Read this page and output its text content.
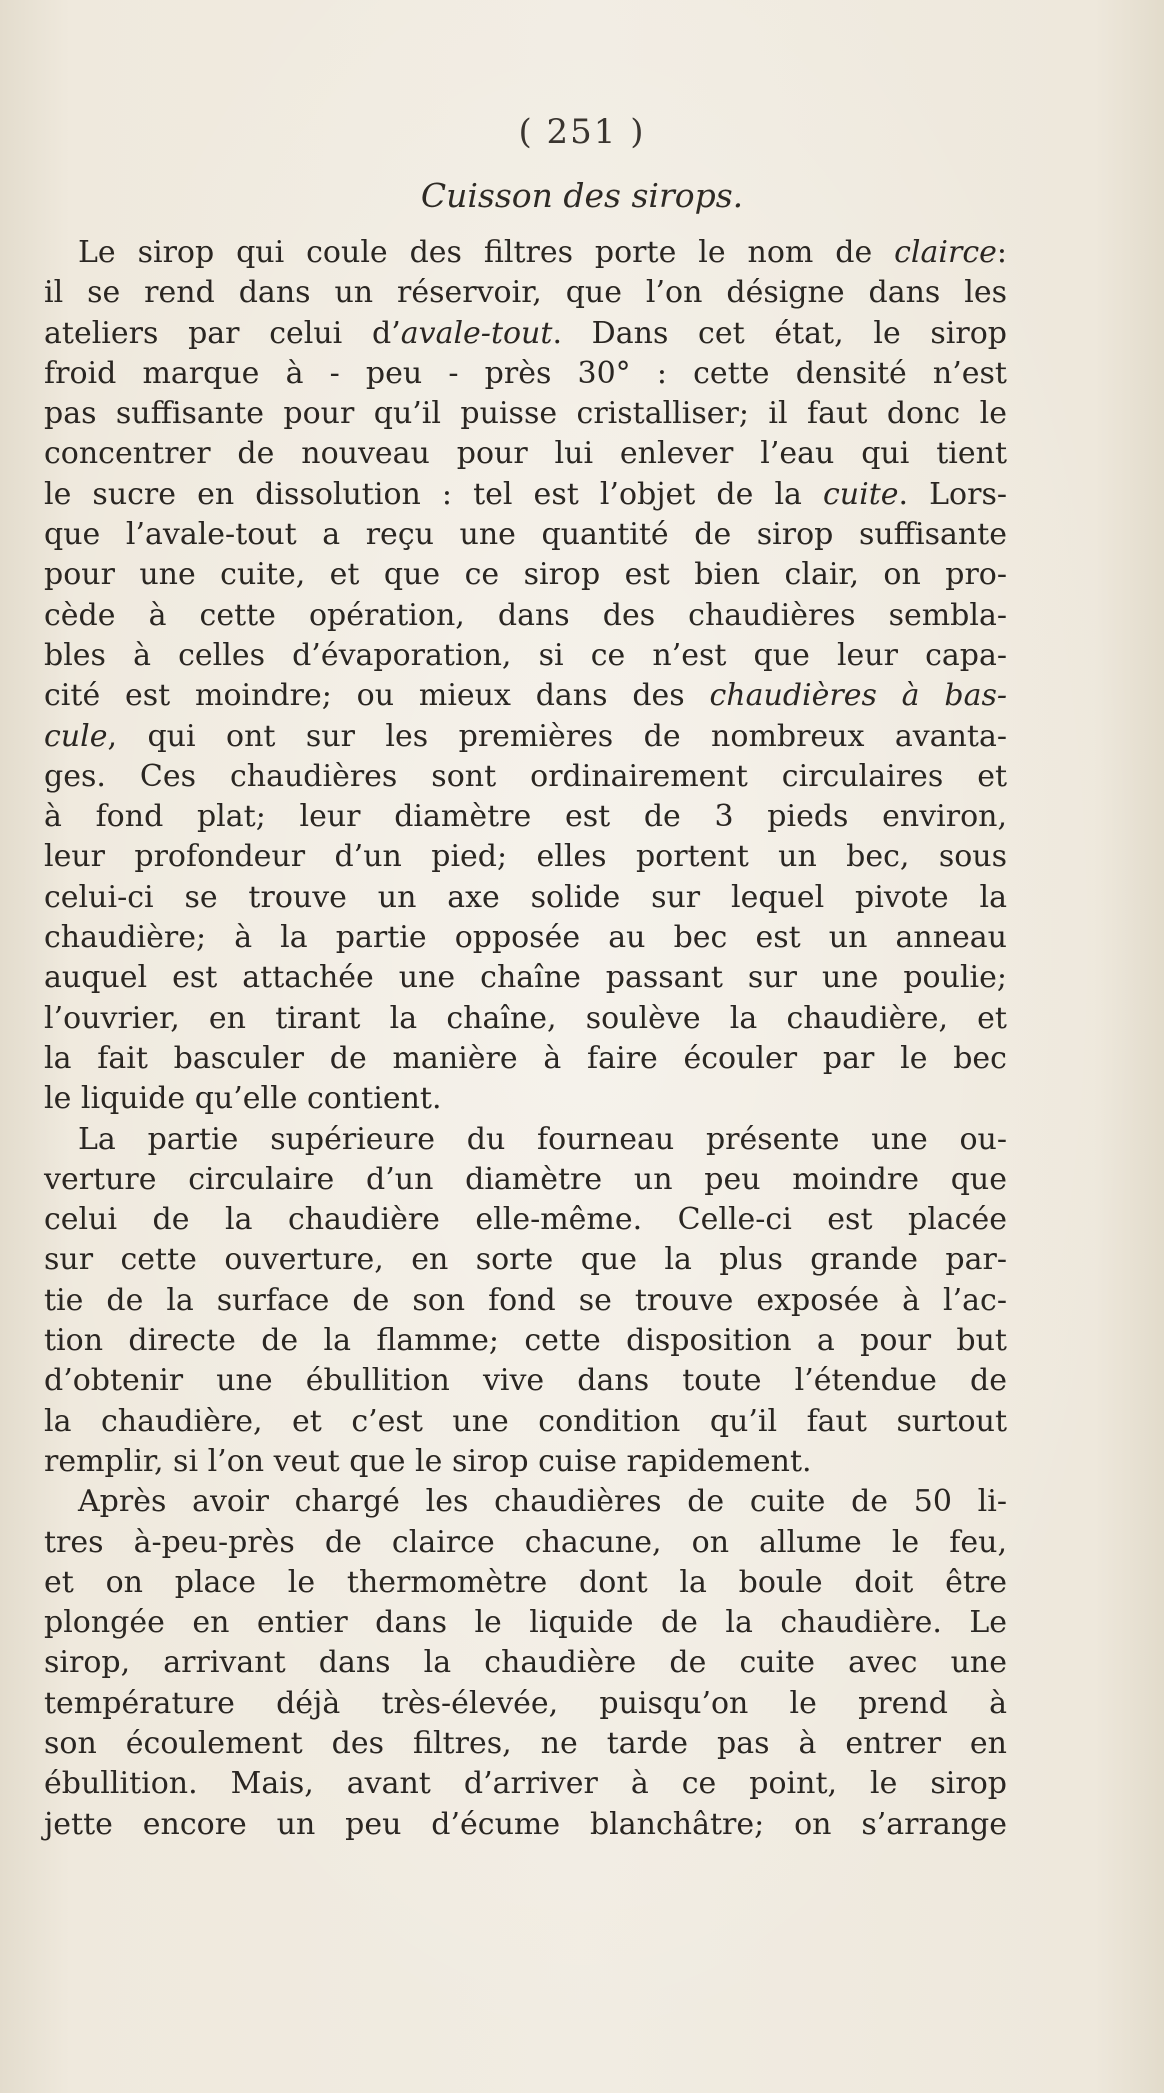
( 251 )
Cuisson des sirops.
Le sirop qui coule des filtres porte le nom de clairce:
il se rend dans un réservoir, que l’on désigne dans les
ateliers par celui d’avale-tout. Dans cet état, le sirop
froid marque à - peu - près 30° : cette densité n’est
pas suffisante pour qu’il puisse cristalliser; il faut donc le
concentrer de nouveau pour lui enlever l’eau qui tient
le sucre en dissolution : tel est l’objet de la cuite. Lors-
que l’avale-tout a reçu une quantité de sirop suffisante
pour une cuite, et que ce sirop est bien clair, on pro-
cède à cette opération, dans des chaudières sembla-
bles à celles d’évaporation, si ce n’est que leur capa-
cité est moindre; ou mieux dans des chaudières à bas-
cule, qui ont sur les premières de nombreux avanta-
ges. Ces chaudières sont ordinairement circulaires et
à fond plat; leur diamètre est de 3 pieds environ,
leur profondeur d’un pied; elles portent un bec, sous
celui-ci se trouve un axe solide sur lequel pivote la
chaudière; à la partie opposée au bec est un anneau
auquel est attachée une chaîne passant sur une poulie;
l’ouvrier, en tirant la chaîne, soulève la chaudière, et
la fait basculer de manière à faire écouler par le bec
le liquide qu’elle contient.
La partie supérieure du fourneau présente une ou-
verture circulaire d’un diamètre un peu moindre que
celui de la chaudière elle-même. Celle-ci est placée
sur cette ouverture, en sorte que la plus grande par-
tie de la surface de son fond se trouve exposée à l’ac-
tion directe de la flamme; cette disposition a pour but
d’obtenir une ébullition vive dans toute l’étendue de
la chaudière, et c’est une condition qu’il faut surtout
remplir, si l’on veut que le sirop cuise rapidement.
Après avoir chargé les chaudières de cuite de 50 li-
tres à-peu-près de clairce chacune, on allume le feu,
et on place le thermomètre dont la boule doit être
plongée en entier dans le liquide de la chaudière. Le
sirop, arrivant dans la chaudière de cuite avec une
température déjà très-élevée, puisqu’on le prend à
son écoulement des filtres, ne tarde pas à entrer en
ébullition. Mais, avant d’arriver à ce point, le sirop
jette encore un peu d’écume blanchâtre; on s’arrange
